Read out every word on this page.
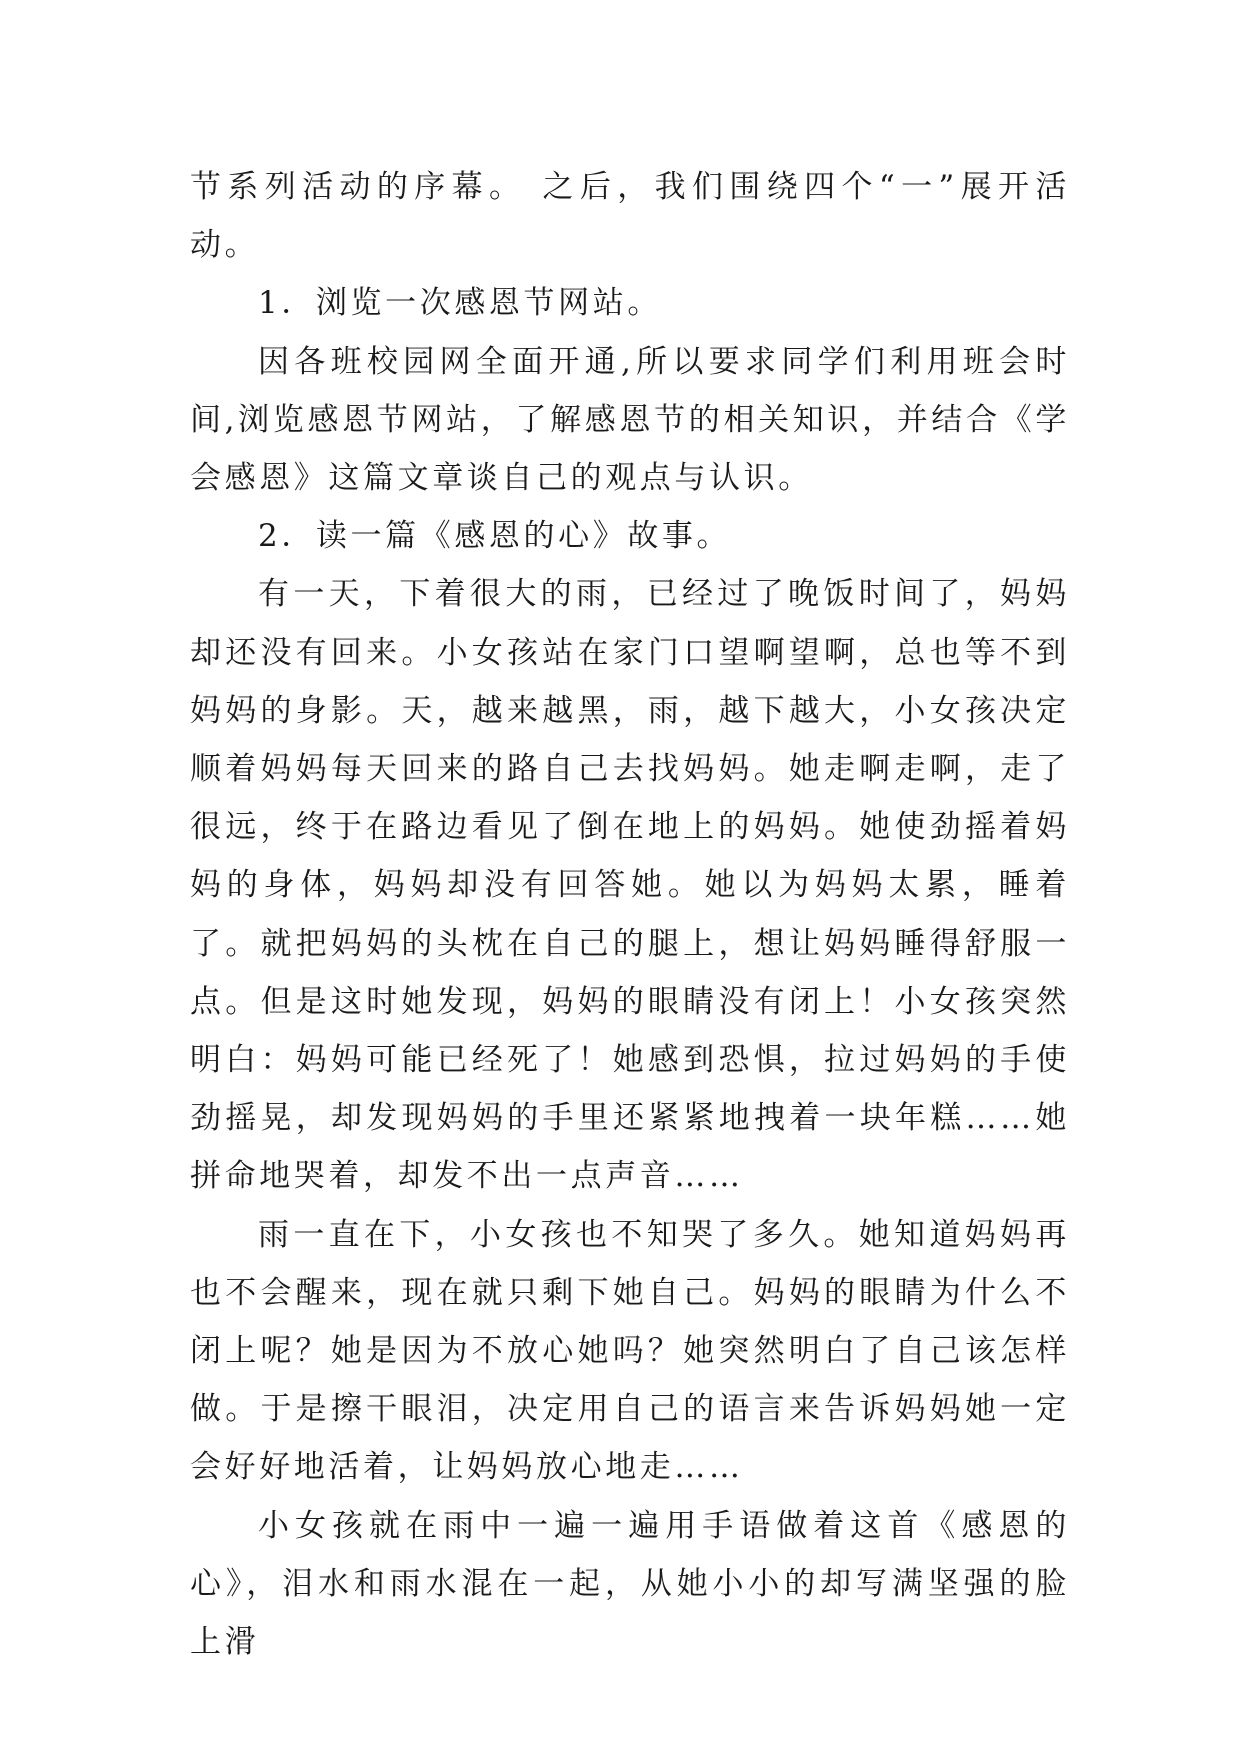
节系列活动的序幕。 之后，我们围绕四个“一”展开活动。

1．浏览一次感恩节网站。

因各班校园网全面开通,所以要求同学们利用班会时间,浏览感恩节网站，了解感恩节的相关知识，并结合《学会感恩》这篇文章谈自己的观点与认识。

2．读一篇《感恩的心》故事。

有一天，下着很大的雨，已经过了晚饭时间了，妈妈却还没有回来。小女孩站在家门口望啊望啊，总也等不到妈妈的身影。天，越来越黑，雨，越下越大，小女孩决定顺着妈妈每天回来的路自己去找妈妈。她走啊走啊，走了很远，终于在路边看见了倒在地上的妈妈。她使劲摇着妈妈的身体，妈妈却没有回答她。她以为妈妈太累，睡着了。就把妈妈的头枕在自己的腿上，想让妈妈睡得舒服一点。但是这时她发现，妈妈的眼睛没有闭上！小女孩突然明白：妈妈可能已经死了！她感到恐惧，拉过妈妈的手使劲摇晃，却发现妈妈的手里还紧紧地拽着一块年糕……她拼命地哭着，却发不出一点声音……

雨一直在下，小女孩也不知哭了多久。她知道妈妈再也不会醒来，现在就只剩下她自己。妈妈的眼睛为什么不闭上呢？她是因为不放心她吗？她突然明白了自己该怎样做。于是擦干眼泪，决定用自己的语言来告诉妈妈她一定会好好地活着，让妈妈放心地走……

小女孩就在雨中一遍一遍用手语做着这首《感恩的心》，泪水和雨水混在一起，从她小小的却写满坚强的脸上滑
